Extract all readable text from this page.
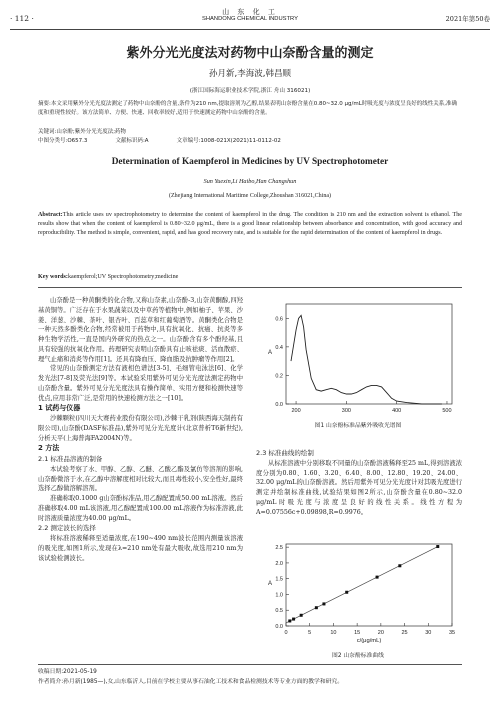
· 112 ·
山 东 化 工
SHANDONG CHEMICAL INDUSTRY	2021年第50卷
紫外分光光度法对药物中山奈酚含量的测定
孙月新,李海波,韩昌顺
(浙江国际海运职业技术学院,浙江 舟山 316021)
摘要:本文采用紫外分光光度法测定了药物中山奈酚的含量,条件为210 nm,提取溶剂为乙醇,结果表明山奈酚含量在0.80~32.0 μg/mL时吸光度与浓度呈良好的线性关系,准确度和重现性较好。该方法简单、方便、快速、回收率较好,适用于快速测定药物中山奈酚的含量。
关键词:山奈酚;紫外分光光度法;药物
中图分类号:O657.3	文献标识码:A	文章编号:1008-021X(2021)11-0112-02
Determination of Kaempferol in Medicines by UV Spectrophotometer
Sun Yuexin,Li Haibo,Han Changshun
(Zhejiang International Maritime College,Zhoushan 316021,China)
Abstract:This article uses uv spectrophotometry to determine the content of kaempferol in the drug. The condition is 210 nm and the extraction solvent is ethanol. The results show that when the content of kaempferol is 0.80~32.0 μg/mL, there is a good linear relationship between absorbance and concentration, with good accuracy and reproducibility. The method is simple, convenient, rapid, and has good recovery rate, and is suitable for the rapid determination of the content of kaempferol in drugs.
Key words:kaempferol;UV Spectrophotometry;medicine

山奈酚是一种黄酮类的化合物,又称山奈素,山奈酚-3,山奈黄酮醇,四羟基黄铜等。广泛存在于水果蔬菜以及中草药等植物中,例如柚子、苹果、沙姜、洋葱、沙棘、茶叶、银杏叶、百蕊草和红葡萄酒等。黄酮类化合物是一种天然多酚类化合物,经常被用于药物中,具有抗氧化、抗癌、抗炎等多种生物学活性,一直是国内外研究的热点之一。山奈酚含有多个酚羟基,且具有较强的抗氧化作用。药理研究表明山奈酚具有止咳祛痰、活血散瘀、理气止痛和消炎等作用[1]。还具有降血压、降血脂及抗肿瘤等作用[2]。

常见的山奈酚测定方法有液相色谱法[3-5]、毛细管电泳法[6]、化学发光法[7-8]及荧光法[9]等。本试验采用紫外可见分光光度法测定药物中山奈酚含量。紫外可见分光光度法具有操作简单、实用方便和检测快速等优点,应用非常广泛,是常用的快速检测方法之一[10]。

1 试药与仪器

沙棘颗粒(四川天大赛药业股份有限公司),沙棘干乳剂(陕西海天制药有限公司),山奈酚(DASF标准品),紫外可见分光光度计(北京普析T6新世纪),分析天平(上海普海FA2004N)等。

2 方法
2.1 标准品溶液的制备

本试验考察了水、甲醇、乙醇、乙醚、乙酸乙酯及氯仿等溶剂的影响,山奈酚微溶于水,在乙醇中溶解度相对比较大,而且毒性较小,安全性好,最终选择乙醇做溶解溶剂。

准确称取0.1000 g山奈酚标准品,用乙醇配置成50.00 mL溶液。然后准确移取4.00 mL该溶液,用乙醇配置成100.00 mL溶液作为标准溶液,此时溶液质量浓度为40.00 μg/mL。

2.2 测定波长的选择

将标准溶液稀释至适量浓度,在190~490 nm波长范围内测量该溶液的吸光度,如图1所示,发现在λ=210 nm处有最大吸收,故选用210 nm为该试验检测波长。

0.0
0.2
0.4
0.6
200	300	400	500
A
图1 山奈酚标准品紫外吸收光谱图
2.3 标准曲线的绘制

从标准溶液中分别移取不同量的山奈酚溶液稀释至25 mL,得到溶液浓度分别为0.80、1.60、3.20、6.40、8.00、12.80、19.20、24.00、32.00 μg/mL的山奈酚溶液。然后用紫外可见分光光度计对其吸光度进行测定并绘制标准曲线,试验结果如图2所示,山奈酚含量在0.80~32.0 μg/mL时吸光度与浓度呈良好的线性关系。线性方程为A=0.07556c+0.09898,R=0.9976。

0.0
0.5
1.0
1.5
2.0
2.5
0	5	10	15	20	25	30	35
A
c/(μg/mL)
图2 山奈酚标准曲线
收稿日期:2021-05-19
作者简介:孙月新(1985—),女,山东临沂人,目前在学校主要从事石油化工技术和食品检测技术等专业方面的教学和研究。
